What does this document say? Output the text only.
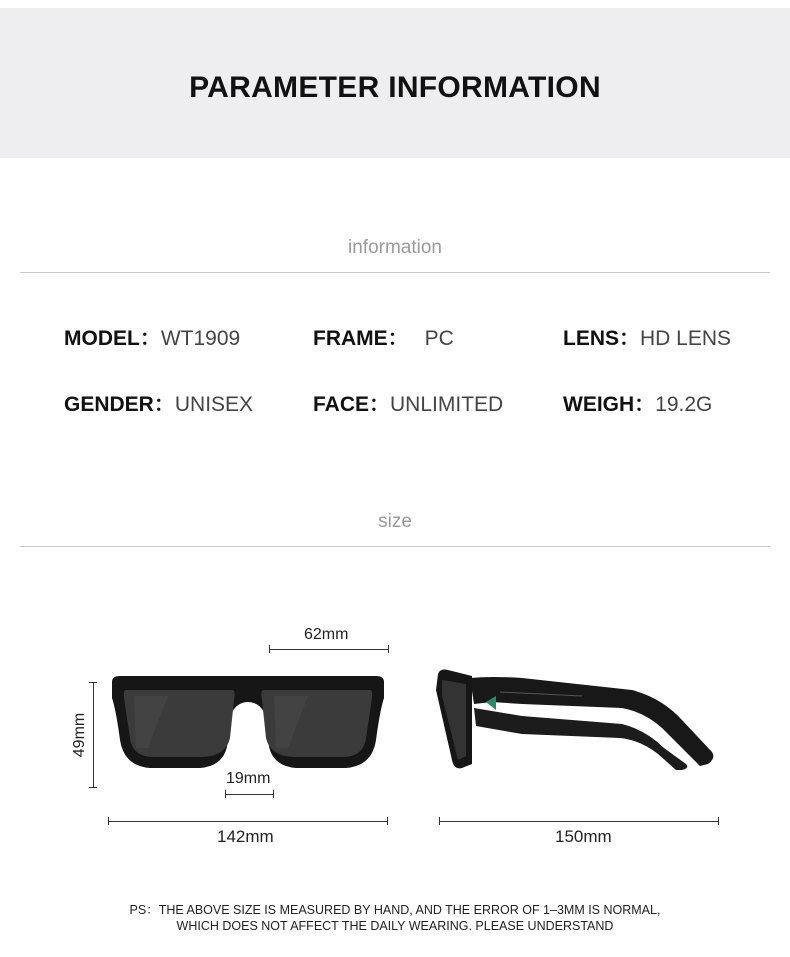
PARAMETER INFORMATION
information
MODEL：WT1909	FRAME： PC	LENS：HD LENS
GENDER：UNISEX	FACE：UNLIMITED	WEIGH：19.2G
size
62mm
49mm
19mm
142mm	150mm
PS：THE ABOVE SIZE IS MEASURED BY HAND, AND THE ERROR OF 1–3MM IS NORMAL,
WHICH DOES NOT AFFECT THE DAILY WEARING. PLEASE UNDERSTAND
